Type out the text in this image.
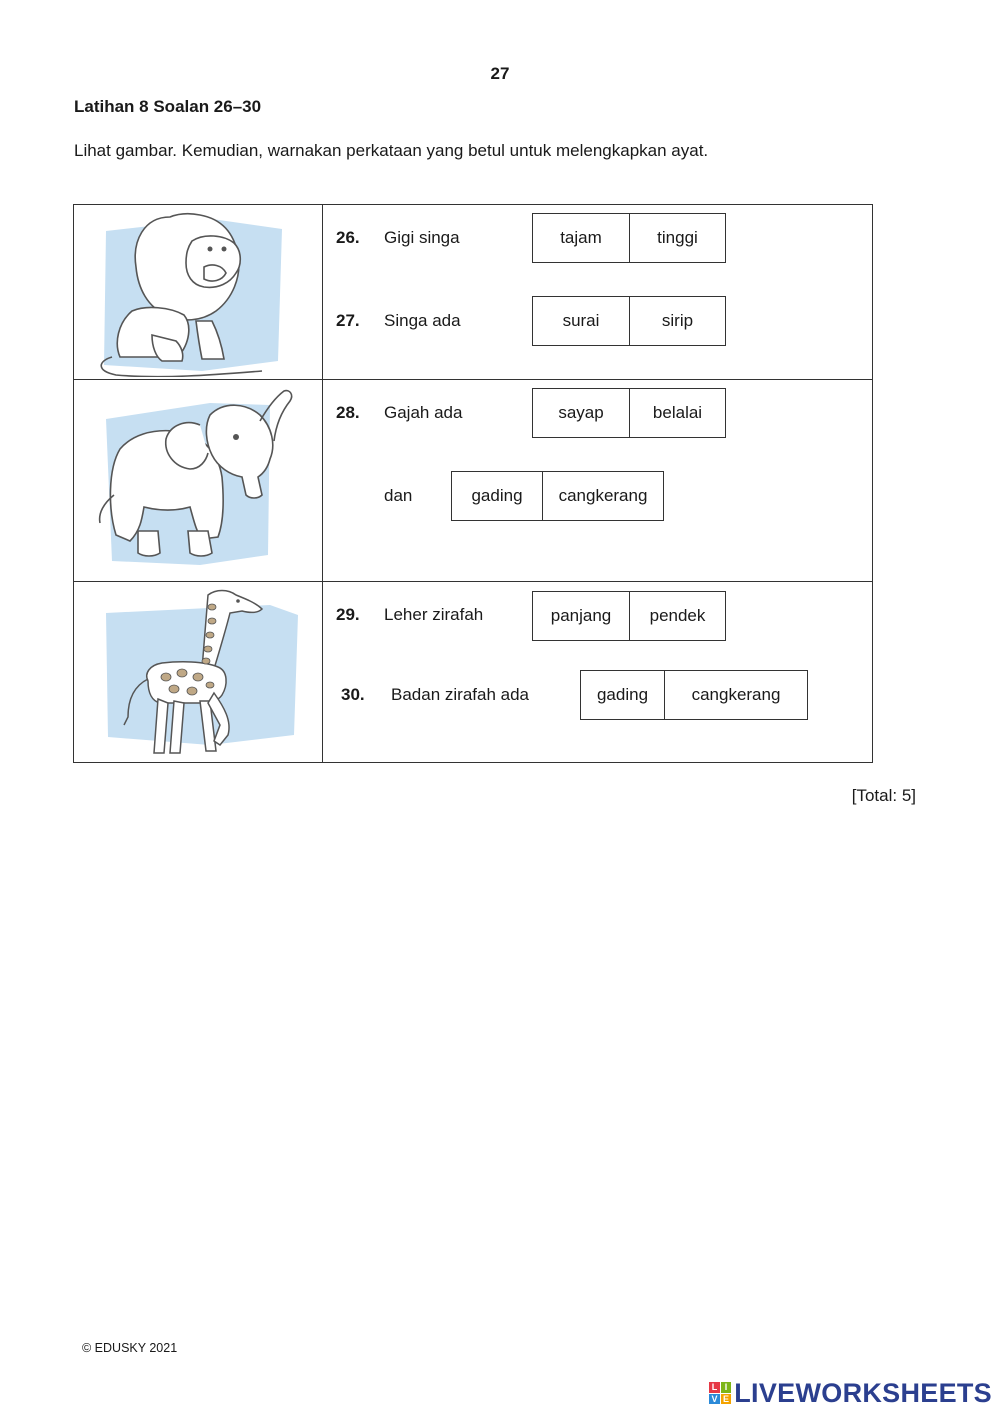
27
Latihan 8 Soalan 26–30
Lihat gambar. Kemudian, warnakan perkataan yang betul untuk melengkapkan ayat.
26. Gigi singa	tajam	tinggi
27. Singa ada	surai	sirip
28. Gajah ada	sayap	belalai
dan	gading	cangkerang
29. Leher zirafah	panjang	pendek
30. Badan zirafah ada	gading	cangkerang
[Total: 5]
© EDUSKY 2021
L I
V E LIVEWORKSHEETS
